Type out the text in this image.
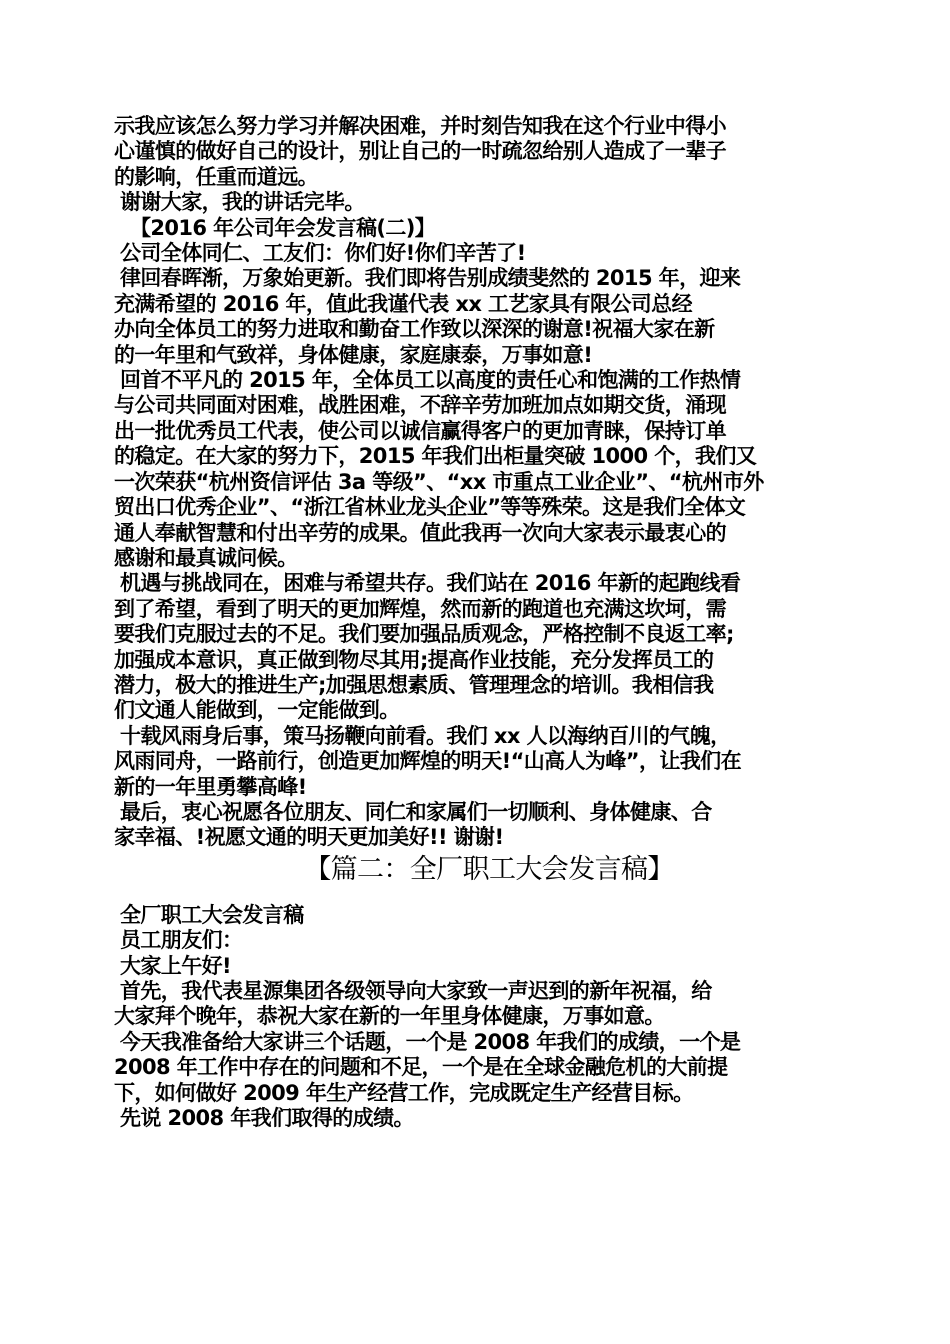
示我应该怎么努力学习并解决困难，并时刻告知我在这个行业中得小
心谨慎的做好自己的设计，别让自己的一时疏忽给别人造成了一辈子
的影响，任重而道远。
谢谢大家，我的讲话完毕。
【2016 年公司年会发言稿(二)】
公司全体同仁、工友们：你们好!你们辛苦了!
律回春晖渐，万象始更新。我们即将告别成绩斐然的 2015 年，迎来
充满希望的 2016 年，值此我谨代表 xx 工艺家具有限公司总经
办向全体员工的努力进取和勤奋工作致以深深的谢意!祝福大家在新
的一年里和气致祥，身体健康，家庭康泰，万事如意!
回首不平凡的 2015 年，全体员工以高度的责任心和饱满的工作热情
与公司共同面对困难，战胜困难，不辞辛劳加班加点如期交货，涌现
出一批优秀员工代表，使公司以诚信赢得客户的更加青睐，保持订单
的稳定。在大家的努力下，2015 年我们出柜量突破 1000 个，我们又
一次荣获“杭州资信评估 3a 等级”、“xx 市重点工业企业”、“杭州市外
贸出口优秀企业”、“浙江省林业龙头企业”等等殊荣。这是我们全体文
通人奉献智慧和付出辛劳的成果。值此我再一次向大家表示最衷心的
感谢和最真诚问候。
机遇与挑战同在，困难与希望共存。我们站在 2016 年新的起跑线看
到了希望，看到了明天的更加辉煌，然而新的跑道也充满这坎坷，需
要我们克服过去的不足。我们要加强品质观念，严格控制不良返工率;
加强成本意识，真正做到物尽其用;提高作业技能，充分发挥员工的
潜力，极大的推进生产;加强思想素质、管理理念的培训。我相信我
们文通人能做到，一定能做到。
十载风雨身后事，策马扬鞭向前看。我们 xx 人以海纳百川的气魄，
风雨同舟，一路前行，创造更加辉煌的明天!“山高人为峰”，让我们在
新的一年里勇攀高峰!
最后，衷心祝愿各位朋友、同仁和家属们一切顺利、身体健康、合
家幸福、!祝愿文通的明天更加美好!! 谢谢!
【篇二：全厂职工大会发言稿】
全厂职工大会发言稿
员工朋友们：
大家上午好!
首先，我代表星源集团各级领导向大家致一声迟到的新年祝福，给
大家拜个晚年，恭祝大家在新的一年里身体健康，万事如意。
今天我准备给大家讲三个话题，一个是 2008 年我们的成绩，一个是
2008 年工作中存在的问题和不足，一个是在全球金融危机的大前提
下，如何做好 2009 年生产经营工作，完成既定生产经营目标。
先说 2008 年我们取得的成绩。
